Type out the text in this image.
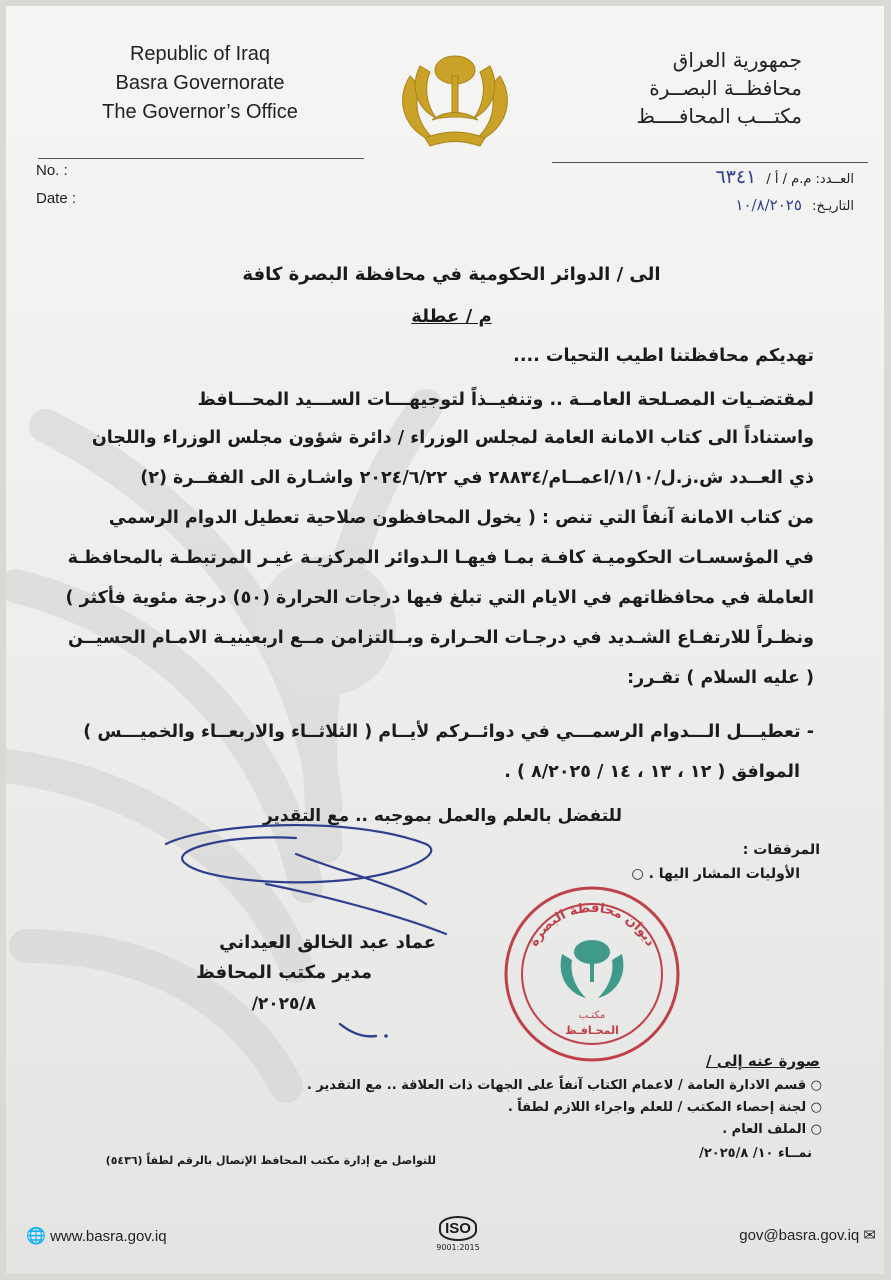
Republic of Iraq
Basra Governorate
The Governor’s Office
جمهورية العراق
محافظــة البصــرة
مكتـــب المحافــــظ
No. :
Date :
العــدد: م.م / أ / ٦٣٤١
التاريـخ: ١٠/٨/٢٠٢٥
الى / الدوائر الحكومية في محافظة البصرة كافة
م / عطلة
تهديكم محافظتنا اطيب التحيات ....
لمقتضـيات المصـلحة العامــة .. وتنفيــذاً لتوجيهـــات الســـيد المحـــافظ
واستناداً الى كتاب الامانة العامة لمجلس الوزراء / دائرة شؤون مجلس الوزراء واللجان
ذي العــدد ش.ز.ل/١/١٠/اعمــام/٢٨٨٣٤ في ٢٠٢٤/٦/٢٢ واشـارة الى الفقــرة (٢)
من كتاب الامانة آنفاً التي تنص : ( يخول المحافظون صلاحية تعطيل الدوام الرسمي
في المؤسسـات الحكوميـة كافـة بمـا فيهـا الـدوائر المركزيـة غيـر المرتبطـة بالمحافظـة
العاملة في محافظاتهم في الايام التي تبلغ فيها درجات الحرارة (٥٠) درجة مئوية فأكثر )
ونظـراً للارتفـاع الشـديد في درجـات الحـرارة وبــالتزامن مــع اربعينيـة الامـام الحسيــن
( عليه السلام ) تقـرر:
- تعطيـــل الـــدوام الرسمـــي في دوائــركم لأيــام ( الثلاثــاء والاربعــاء والخميـــس )
الموافق ( ١٢ ، ١٣ ، ١٤ / ٨/٢٠٢٥ ) .
للتفضل بالعلم والعمل بموجبه .. مع التقدير
المرفقات :
الأوليات المشار اليها . ○
عماد عبد الخالق العيداني
مدير مكتب المحافظ
٢٠٢٥/٨/
ديوان محافظة البصرة
مكتـب
المحـافـظ
صورة عنه إلى /
○ قسم الادارة العامة / لاعمام الكتاب آنفاً على الجهات ذات العلاقة .. مع التقدير .
○ لجنة إحصاء المكتب / للعلم واجراء اللازم لطفاً .
○ الملف العام .
نمــاء ١٠/ ٢٠٢٥/٨/
للتواصل مع إدارة مكتب المحافظ الإتصال بالرقم لطفاً (٥٤٣٦)
🌐 www.basra.gov.iq	ISO
9001:2015
gov@basra.gov.iq ✉
